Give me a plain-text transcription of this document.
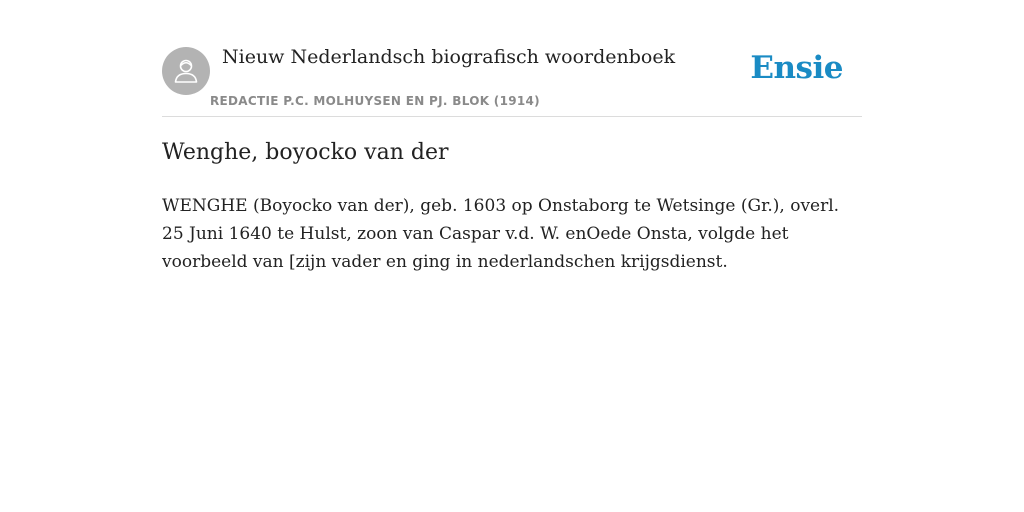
Nieuw Nederlandsch biografisch woordenboek
REDACTIE P.C. MOLHUYSEN EN PJ. BLOK (1914)
Ensie
Wenghe, boyocko van der

WENGHE (Boyocko van der), geb. 1603 op Onstaborg te Wetsinge (Gr.), overl. 25 Juni 1640 te Hulst, zoon van Caspar v.d. W. enOede Onsta, volgde het voorbeeld van [zijn vader en ging in nederlandschen krijgsdienst.
